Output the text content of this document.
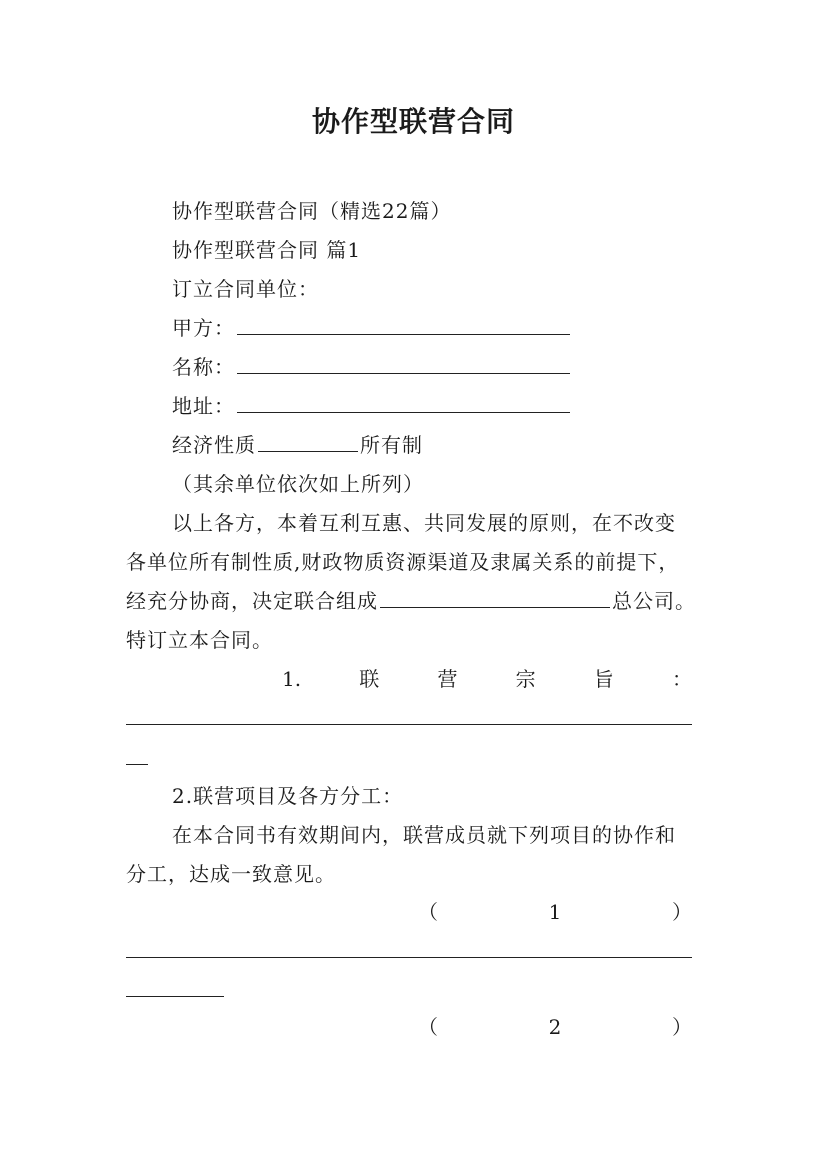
协作型联营合同
协作型联营合同（精选22篇）
协作型联营合同 篇1
订立合同单位：
甲方：
名称：
地址：
经济性质	所有制
（其余单位依次如上所列）
以上各方，本着互利互惠、共同发展的原则，在不改变
各单位所有制性质,财政物质资源渠道及隶属关系的前提下，
经充分协商，决定联合组成	总公司。
特订立本合同。
1.	联	营	宗	旨	：
2.联营项目及各方分工：
在本合同书有效期间内，联营成员就下列项目的协作和
分工，达成一致意见。
（	1	）
（	2	）
